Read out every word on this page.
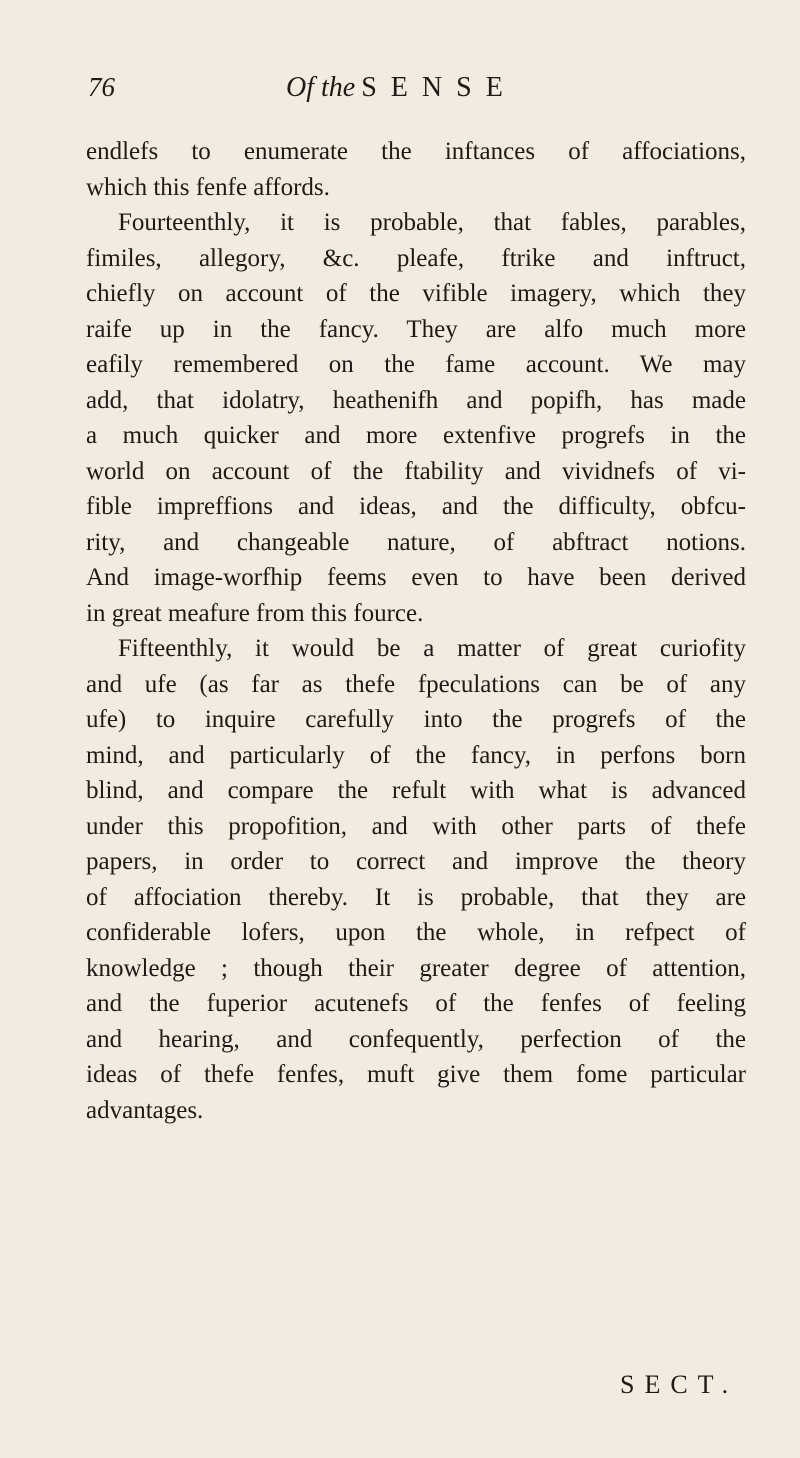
76	Of the SENSE
endlefs to enumerate the inftances of affociations,
which this fenfe affords.
Fourteenthly, it is probable, that fables, parables,
fimiles, allegory, &c. pleafe, ftrike and inftruct,
chiefly on account of the vifible imagery, which they
raife up in the fancy. They are alfo much more
eafily remembered on the fame account. We may
add, that idolatry, heathenifh and popifh, has made
a much quicker and more extenfive progrefs in the
world on account of the ftability and vividnefs of vi-
fible impreffions and ideas, and the difficulty, obfcu-
rity, and changeable nature, of abftract notions.
And image-worfhip feems even to have been derived
in great meafure from this fource.
Fifteenthly, it would be a matter of great curiofity
and ufe (as far as thefe fpeculations can be of any
ufe) to inquire carefully into the progrefs of the
mind, and particularly of the fancy, in perfons born
blind, and compare the refult with what is advanced
under this propofition, and with other parts of thefe
papers, in order to correct and improve the theory
of affociation thereby. It is probable, that they are
confiderable lofers, upon the whole, in refpect of
knowledge ; though their greater degree of attention,
and the fuperior acutenefs of the fenfes of feeling
and hearing, and confequently, perfection of the
ideas of thefe fenfes, muft give them fome particular
advantages.
SECT.
